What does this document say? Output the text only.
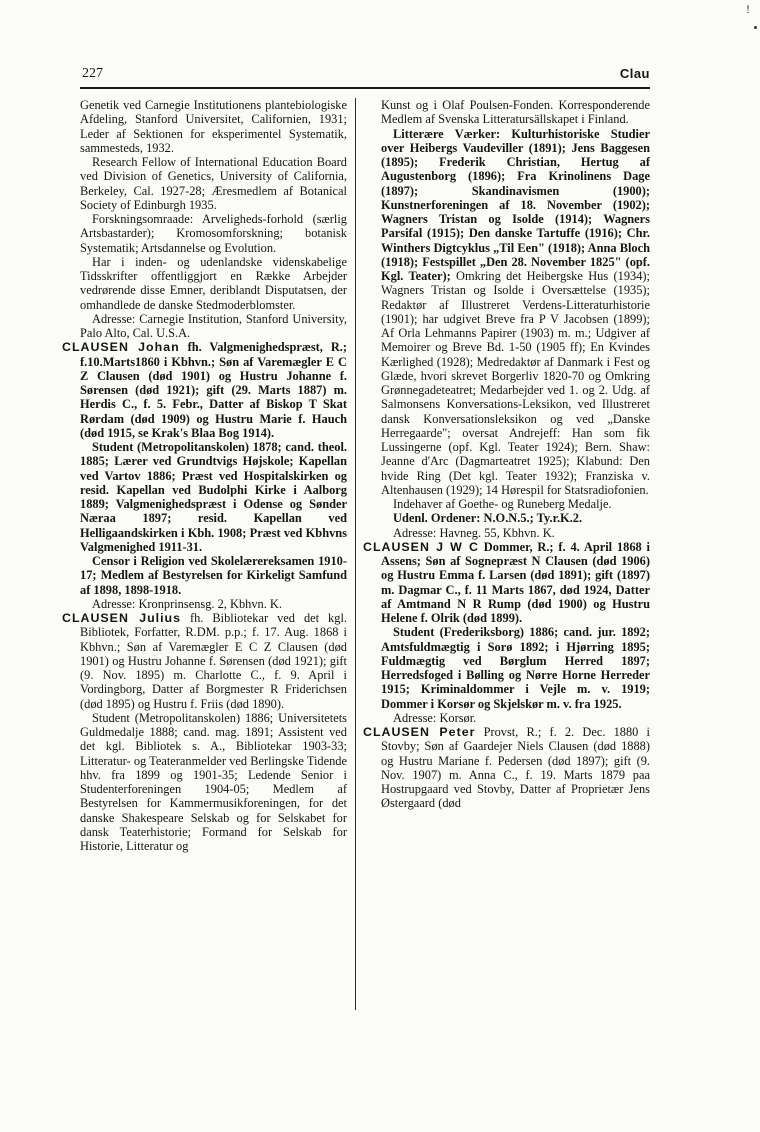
!
227	Clau

Genetik ved Carnegie Institutionens plantebiologiske Afdeling, Stanford Universitet, Californien, 1931; Leder af Sektionen for eksperimentel Systematik, sammesteds, 1932.

Research Fellow of International Education Board ved Division of Genetics, University of California, Berkeley, Cal. 1927-28; Æresmedlem af Botanical Society of Edinburgh 1935.

Forskningsomraade: Arveligheds-forhold (særlig Artsbastarder); Kromosomforskning; botanisk Systematik; Artsdannelse og Evolution.

Har i inden- og udenlandske videnskabelige Tidsskrifter offentliggjort en Række Arbejder vedrørende disse Emner, deriblandt Disputatsen, der omhandlede de danske Stedmoderblomster.

Adresse: Carnegie Institution, Stanford University, Palo Alto, Cal. U.S.A.

CLAUSEN Johan fh. Valgmenighedspræst, R.; f.10.Marts1860 i Kbhvn.; Søn af Varemægler E C Z Clausen (død 1901) og Hustru Johanne f. Sørensen (død 1921); gift (29. Marts 1887) m. Herdis C., f. 5. Febr., Datter af Biskop T Skat Rørdam (død 1909) og Hustru Marie f. Hauch (død 1915, se Krak's Blaa Bog 1914).

Student (Metropolitanskolen) 1878; cand. theol. 1885; Lærer ved Grundtvigs Højskole; Kapellan ved Vartov 1886; Præst ved Hospitalskirken og resid. Kapellan ved Budolphi Kirke i Aalborg 1889; Valgmenighedspræst i Odense og Sønder Næraa 1897; resid. Kapellan ved Helligaandskirken i Kbh. 1908; Præst ved Kbhvns Valgmenighed 1911-31.

Censor i Religion ved Skolelærereksamen 1910-17; Medlem af Bestyrelsen for Kirkeligt Samfund af 1898, 1898-1918.

Adresse: Kronprinsensg. 2, Kbhvn. K.

CLAUSEN Julius fh. Bibliotekar ved det kgl. Bibliotek, Forfatter, R.DM. p.p.; f. 17. Aug. 1868 i Kbhvn.; Søn af Varemægler E C Z Clausen (død 1901) og Hustru Johanne f. Sørensen (død 1921); gift (9. Nov. 1895) m. Charlotte C., f. 9. April i Vordingborg, Datter af Borgmester R Friderichsen (død 1895) og Hustru f. Friis (død 1890).

Student (Metropolitanskolen) 1886; Universitetets Guldmedalje 1888; cand. mag. 1891; Assistent ved det kgl. Bibliotek s. A., Bibliotekar 1903-33; Litteratur- og Teateranmelder ved Berlingske Tidende hhv. fra 1899 og 1901-35; Ledende Senior i Studenterforeningen 1904-05; Medlem af Bestyrelsen for Kammermusikforeningen, for det danske Shakespeare Selskab og for Selskabet for dansk Teaterhistorie; Formand for Selskab for Historie, Litteratur og

Kunst og i Olaf Poulsen-Fonden. Korresponderende Medlem af Svenska Litteratursällskapet i Finland.

Litterære Værker: Kulturhistoriske Studier over Heibergs Vaudeviller (1891); Jens Baggesen (1895); Frederik Christian, Hertug af Augustenborg (1896); Fra Krinolinens Dage (1897); Skandinavismen (1900); Kunstnerforeningen af 18. November (1902); Wagners Tristan og Isolde (1914); Wagners Parsifal (1915); Den danske Tartuffe (1916); Chr. Winthers Digtcyklus „Til Een" (1918); Anna Bloch (1918); Festspillet „Den 28. November 1825" (opf. Kgl. Teater); Omkring det Heibergske Hus (1934); Wagners Tristan og Isolde i Oversættelse (1935); Redaktør af Illustreret Verdens-Litteraturhistorie (1901); har udgivet Breve fra P V Jacobsen (1899); Af Orla Lehmanns Papirer (1903) m. m.; Udgiver af Memoirer og Breve Bd. 1-50 (1905 ff); En Kvindes Kærlighed (1928); Medredaktør af Danmark i Fest og Glæde, hvori skrevet Borgerliv 1820-70 og Omkring Grønnegadeteatret; Medarbejder ved 1. og 2. Udg. af Salmonsens Konversations-Leksikon, ved Illustreret dansk Konversationsleksikon og ved „Danske Herregaarde"; oversat Andrejeff: Han som fik Lussingerne (opf. Kgl. Teater 1924); Bern. Shaw: Jeanne d'Arc (Dagmarteatret 1925); Klabund: Den hvide Ring (Det kgl. Teater 1932); Franziska v. Altenhausen (1929); 14 Hørespil for Statsradiofonien.

Indehaver af Goethe- og Runeberg Medalje.

Udenl. Ordener: N.O.N.5.; Ty.r.K.2.

Adresse: Havneg. 55, Kbhvn. K.

CLAUSEN J W C Dommer, R.; f. 4. April 1868 i Assens; Søn af Sognepræst N Clausen (død 1906) og Hustru Emma f. Larsen (død 1891); gift (1897) m. Dagmar C., f. 11 Marts 1867, død 1924, Datter af Amtmand N R Rump (død 1900) og Hustru Helene f. Olrik (død 1899).

Student (Frederiksborg) 1886; cand. jur. 1892; Amtsfuldmægtig i Sorø 1892; i Hjørring 1895; Fuldmægtig ved Børglum Herred 1897; Herredsfoged i Bølling og Nørre Horne Herreder 1915; Kriminaldommer i Vejle m. v. 1919; Dommer i Korsør og Skjelskør m. v. fra 1925.

Adresse: Korsør.

CLAUSEN Peter Provst, R.; f. 2. Dec. 1880 i Stovby; Søn af Gaardejer Niels Clausen (død 1888) og Hustru Mariane f. Pedersen (død 1897); gift (9. Nov. 1907) m. Anna C., f. 19. Marts 1879 paa Hostrupgaard ved Stovby, Datter af Proprietær Jens Østergaard (død
